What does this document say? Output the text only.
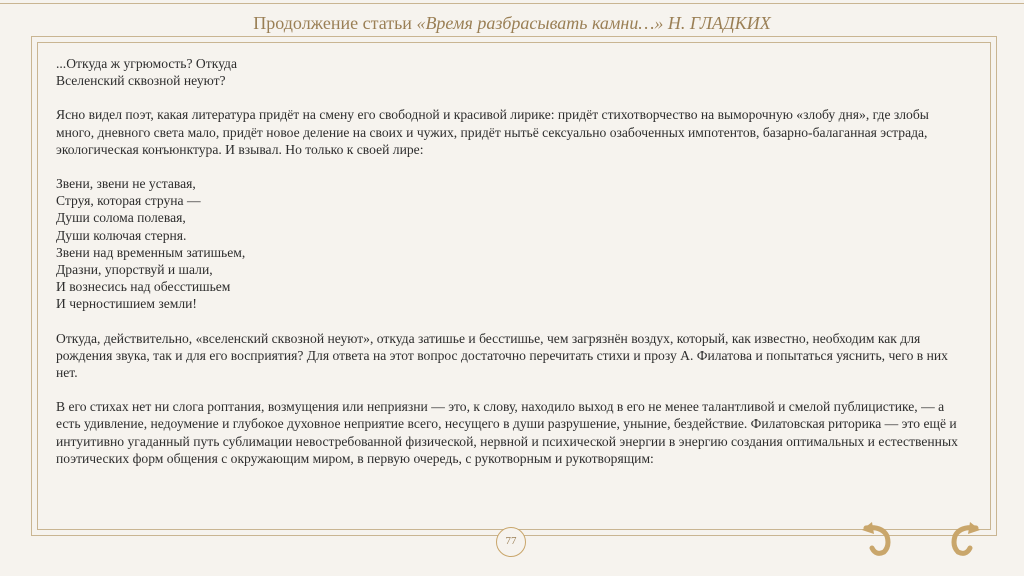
Продолжение статьи «Время разбрасывать камни…» Н. ГЛАДКИХ

...Откуда ж угрюмость? Откуда
Вселенский сквозной неуют?

Ясно видел поэт, какая литература придёт на смену его свободной и красивой лирике: придёт стихотворчество на выморочную «злобу дня», где злобы много, дневного света мало, придёт новое деление на своих и чужих, придёт нытьё сексуально озабоченных импотентов, базарно-балаганная эстрада, экологическая конъюнктура. И взывал. Но только к своей лире:

Звени, звени не уставая,
Струя, которая струна —
Души солома полевая,
Души колючая стерня.
Звени над временным затишьем,
Дразни, упорствуй и шали,
И вознесись над обесстишьем
И черностишием земли!

Откуда, действительно, «вселенский сквозной неуют», откуда затишье и бесстишье, чем загрязнён воздух, который, как известно, необходим как для рождения звука, так и для его восприятия? Для ответа на этот вопрос достаточно перечитать стихи и прозу А. Филатова и попытаться уяснить, чего в них нет.

В его стихах нет ни слога роптания, возмущения или неприязни — это, к слову, находило выход в его не менее талантливой и смелой публицистике, — а есть удивление, недоумение и глубокое духовное неприятие всего, несущего в души разрушение, уныние, бездействие. Филатовская риторика — это ещё и интуитивно угаданный путь сублимации невостребованной физической, нервной и психической энергии в энергию создания оптимальных и естественных поэтических форм общения с окружающим миром, в первую очередь, с рукотворным и рукотворящим:

77
